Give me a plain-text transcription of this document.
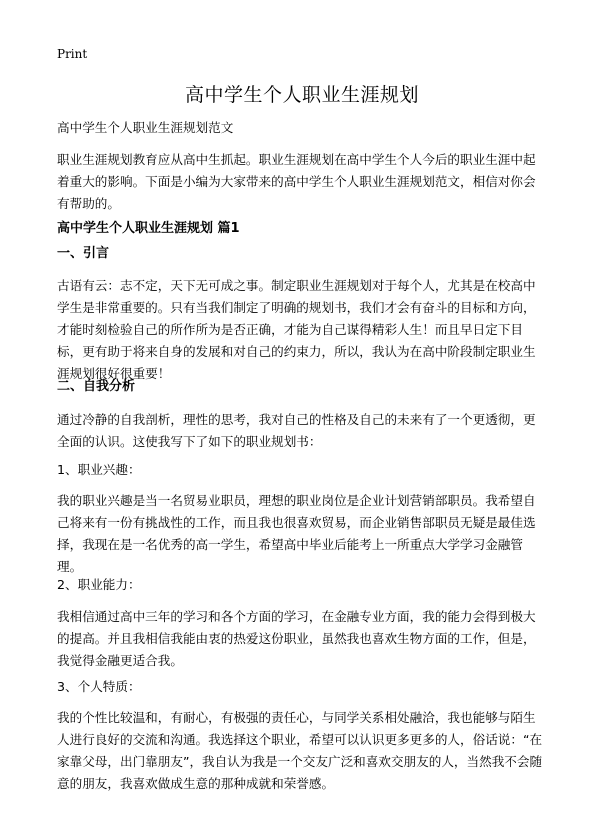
Print
高中学生个人职业生涯规划

高中学生个人职业生涯规划范文

职业生涯规划教育应从高中生抓起。职业生涯规划在高中学生个人今后的职业生涯中起着重大的影响。下面是小编为大家带来的高中学生个人职业生涯规划范文，相信对你会有帮助的。

高中学生个人职业生涯规划 篇1

一、引言

古语有云：志不定，天下无可成之事。制定职业生涯规划对于每个人，尤其是在校高中学生是非常重要的。只有当我们制定了明确的规划书，我们才会有奋斗的目标和方向，才能时刻检验自己的所作所为是否正确，才能为自己谋得精彩人生！而且早日定下目标，更有助于将来自身的发展和对自己的约束力，所以，我认为在高中阶段制定职业生涯规划很好很重要！

二、自我分析

通过冷静的自我剖析，理性的思考，我对自己的性格及自己的未来有了一个更透彻，更全面的认识。这使我写下了如下的职业规划书：

1、职业兴趣：

我的职业兴趣是当一名贸易业职员，理想的职业岗位是企业计划营销部职员。我希望自己将来有一份有挑战性的工作，而且我也很喜欢贸易，而企业销售部职员无疑是最佳选择，我现在是一名优秀的高一学生，希望高中毕业后能考上一所重点大学学习金融管理。

2、职业能力：

我相信通过高中三年的学习和各个方面的学习，在金融专业方面，我的能力会得到极大的提高。并且我相信我能由衷的热爱这份职业，虽然我也喜欢生物方面的工作，但是，我觉得金融更适合我。

3、个人特质：

我的个性比较温和，有耐心，有极强的责任心，与同学关系相处融洽，我也能够与陌生人进行良好的交流和沟通。我选择这个职业，希望可以认识更多更多的人，俗话说：“在家靠父母，出门靠朋友”，我自认为我是一个交友广泛和喜欢交朋友的人，当然我不会随意的朋友，我喜欢做成生意的那种成就和荣誉感。
